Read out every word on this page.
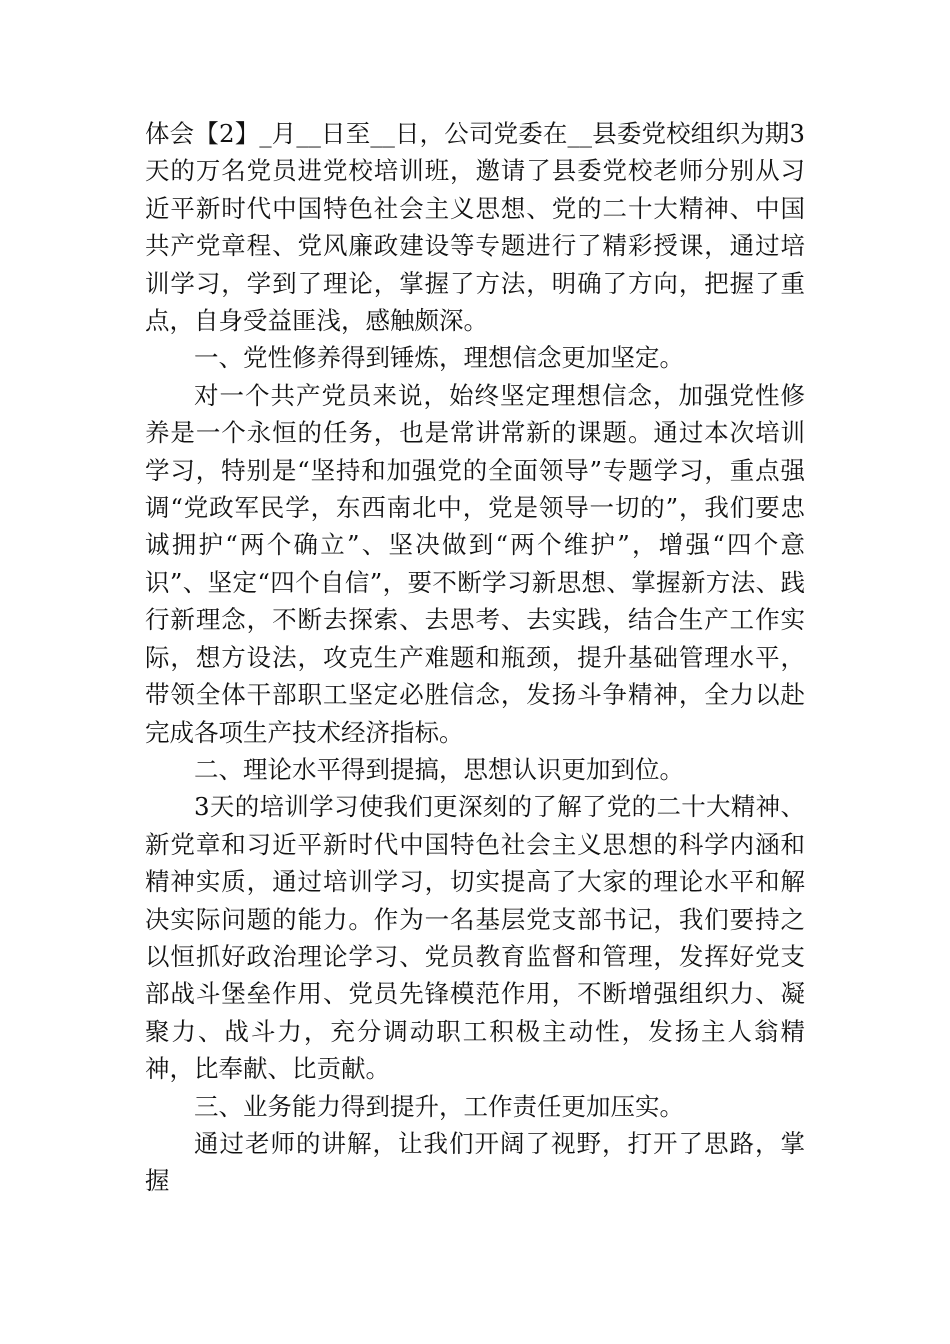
体会【2】_月__日至__日，公司党委在__县委党校组织为期3天的万名党员进党校培训班，邀请了县委党校老师分别从习近平新时代中国特色社会主义思想、党的二十大精神、中国共产党章程、党风廉政建设等专题进行了精彩授课，通过培训学习，学到了理论，掌握了方法，明确了方向，把握了重点，自身受益匪浅，感触颇深。

一、党性修养得到锤炼，理想信念更加坚定。

对一个共产党员来说，始终坚定理想信念，加强党性修养是一个永恒的任务，也是常讲常新的课题。通过本次培训学习，特别是“坚持和加强党的全面领导”专题学习，重点强调“党政军民学，东西南北中，党是领导一切的”，我们要忠诚拥护“两个确立”、坚决做到“两个维护”，增强“四个意识”、坚定“四个自信”，要不断学习新思想、掌握新方法、践行新理念，不断去探索、去思考、去实践，结合生产工作实际，想方设法，攻克生产难题和瓶颈，提升基础管理水平，带领全体干部职工坚定必胜信念，发扬斗争精神，全力以赴完成各项生产技术经济指标。

二、理论水平得到提搞，思想认识更加到位。

3天的培训学习使我们更深刻的了解了党的二十大精神、新党章和习近平新时代中国特色社会主义思想的科学内涵和精神实质，通过培训学习，切实提高了大家的理论水平和解决实际问题的能力。作为一名基层党支部书记，我们要持之以恒抓好政治理论学习、党员教育监督和管理，发挥好党支部战斗堡垒作用、党员先锋模范作用，不断增强组织力、凝聚力、战斗力，充分调动职工积极主动性，发扬主人翁精神，比奉献、比贡献。

三、业务能力得到提升，工作责任更加压实。

通过老师的讲解，让我们开阔了视野，打开了思路，掌握
